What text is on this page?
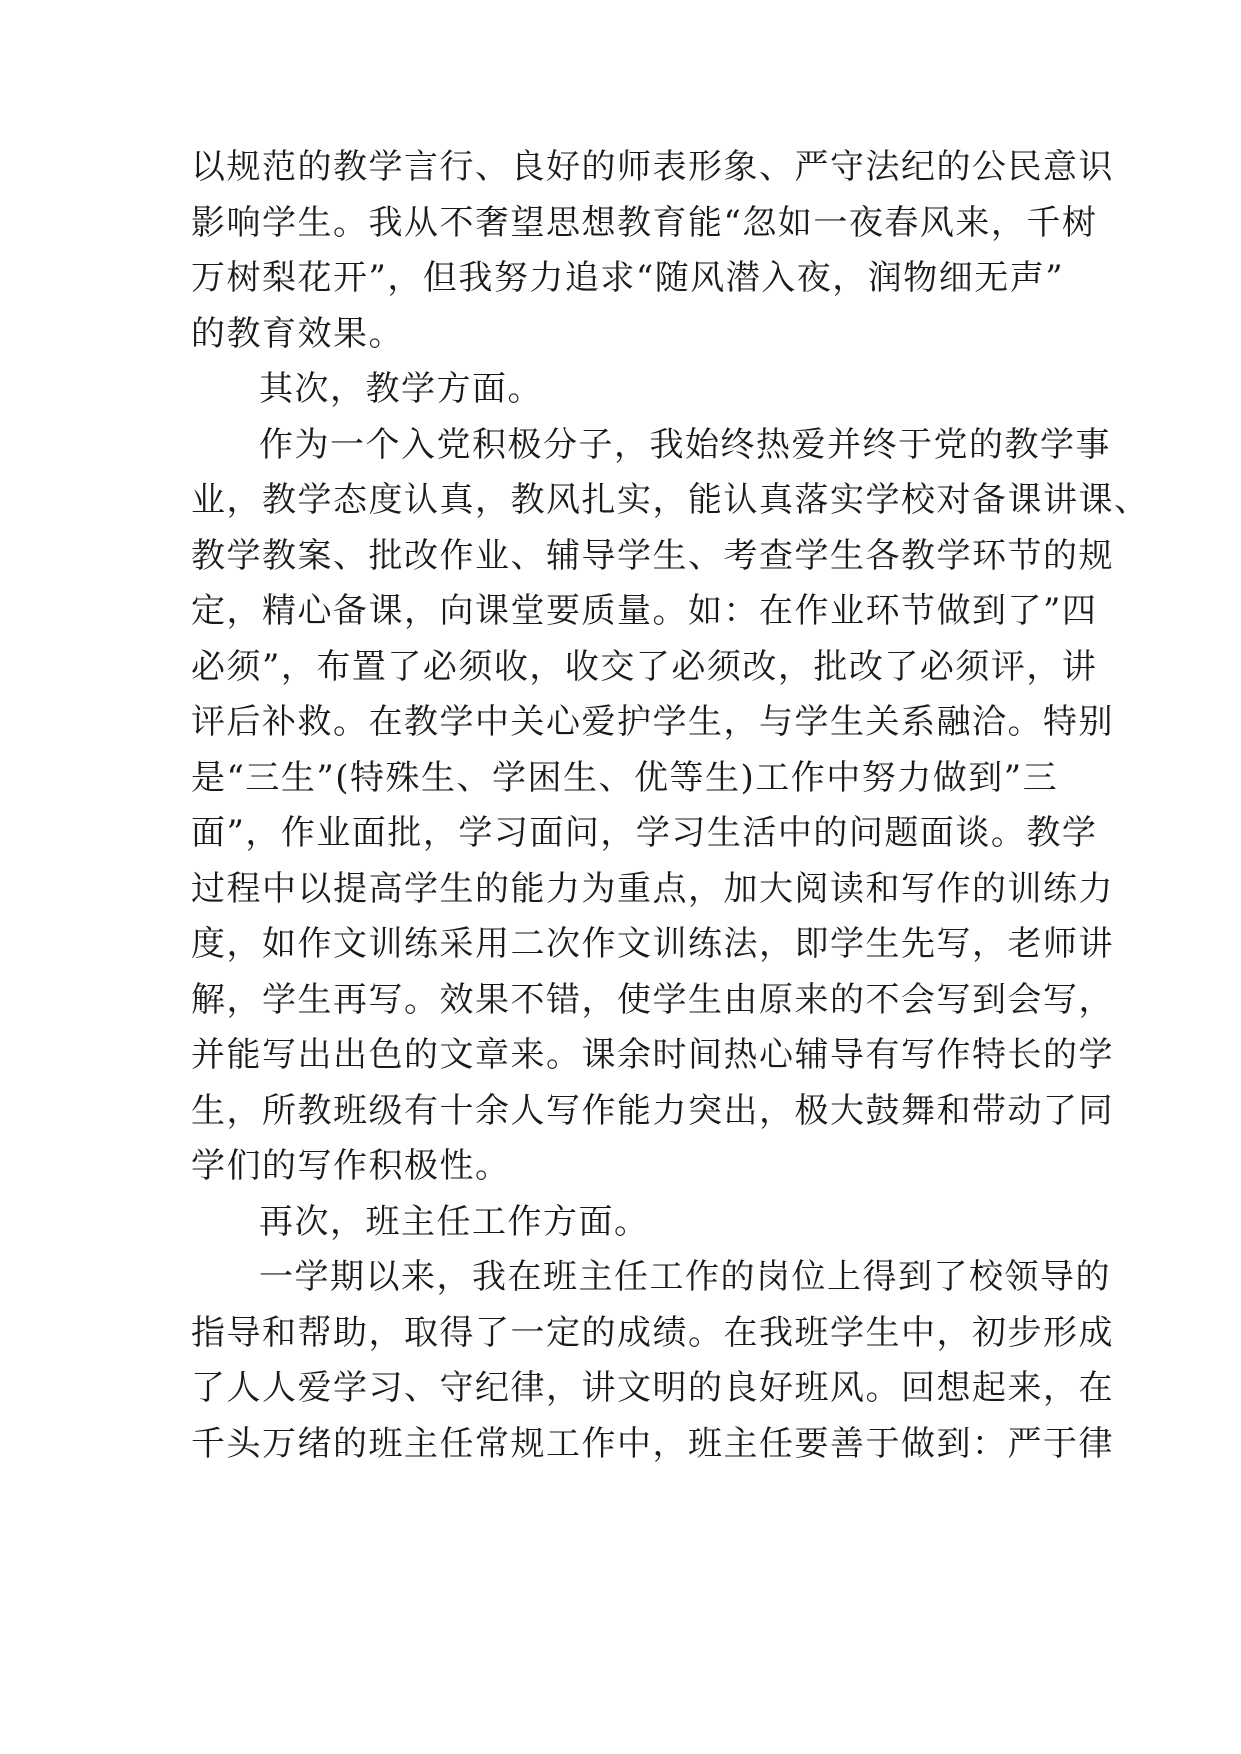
以规范的教学言行、良好的师表形象、严守法纪的公民意识
影响学生。我从不奢望思想教育能“忽如一夜春风来，千树
万树梨花开”，但我努力追求“随风潜入夜，润物细无声”
的教育效果。
其次，教学方面。
作为一个入党积极分子，我始终热爱并终于党的教学事
业，教学态度认真，教风扎实，能认真落实学校对备课讲课、
教学教案、批改作业、辅导学生、考查学生各教学环节的规
定，精心备课，向课堂要质量。如：在作业环节做到了”四
必须”，布置了必须收，收交了必须改，批改了必须评，讲
评后补救。在教学中关心爱护学生，与学生关系融洽。特别
是“三生”(特殊生、学困生、优等生)工作中努力做到”三
面”，作业面批，学习面问，学习生活中的问题面谈。教学
过程中以提高学生的能力为重点，加大阅读和写作的训练力
度，如作文训练采用二次作文训练法，即学生先写，老师讲
解，学生再写。效果不错，使学生由原来的不会写到会写，
并能写出出色的文章来。课余时间热心辅导有写作特长的学
生，所教班级有十余人写作能力突出，极大鼓舞和带动了同
学们的写作积极性。
再次，班主任工作方面。
一学期以来，我在班主任工作的岗位上得到了校领导的
指导和帮助，取得了一定的成绩。在我班学生中，初步形成
了人人爱学习、守纪律，讲文明的良好班风。回想起来，在
千头万绪的班主任常规工作中，班主任要善于做到：严于律
